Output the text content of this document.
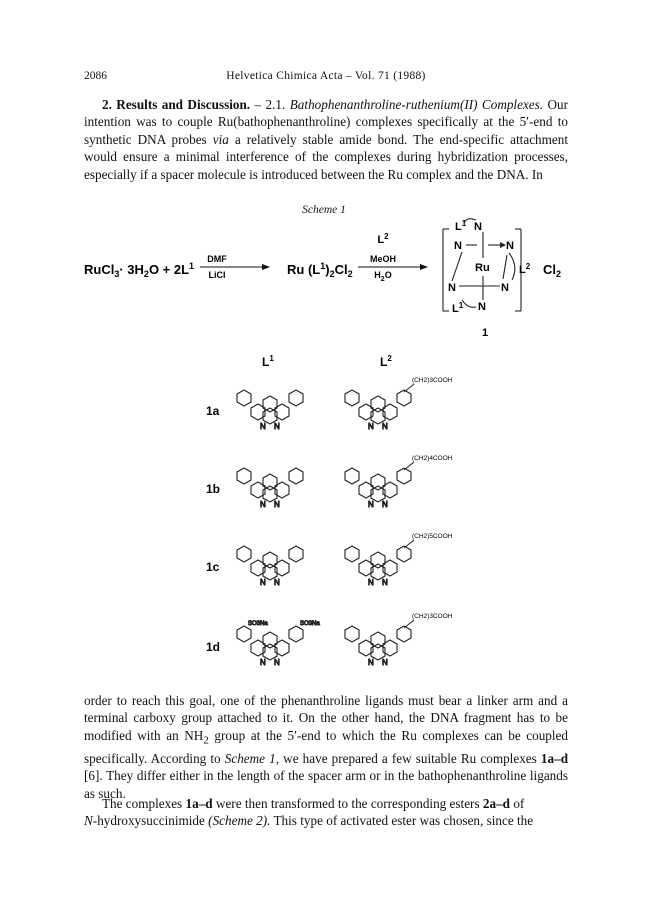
2086	Helvetica Chimica Acta – Vol. 71 (1988)

2. Results and Discussion. – 2.1. Bathophenanthroline-ruthenium(II) Complexes. Our intention was to couple Ru(bathophenanthroline) complexes specifically at the 5′-end to synthetic DNA probes via a relatively stable amide bond. The end-specific attachment would ensure a minimal interference of the complexes during hybridization processes, especially if a spacer molecule is introduced between the Ru complex and the DNA. In

Scheme 1
RuCl$_3$· $3H_2O + 2L^1$
DMF
LiCl	Ru $(L^1)_2Cl_2$
$L^2$
MeOH
$H_2O$
$L^1$ N
N	N
Ru	$L^2$
N	N
$L^1$ N
$Cl_2$
1
$L^1$	$L^2$
1a
N N	N N
(CH2)3COOH
1b
N N	N N
(CH2)4COOH
1c
N N	N N
(CH2)5COOH
1d
N N
SO3Na	SO3Na
N N
(CH2)3COOH

order to reach this goal, one of the phenanthroline ligands must bear a linker arm and a terminal carboxy group attached to it. On the other hand, the DNA fragment has to be modified with an $NH_2$ group at the 5′-end to which the Ru complexes can be coupled specifically. According to Scheme 1, we have prepared a few suitable Ru complexes 1a–d [6]. They differ either in the length of the spacer arm or in the bathophenanthroline ligands as such.

The complexes 1a–d were then transformed to the corresponding esters 2a–d of
N-hydroxysuccinimide (Scheme 2). This type of activated ester was chosen, since the
